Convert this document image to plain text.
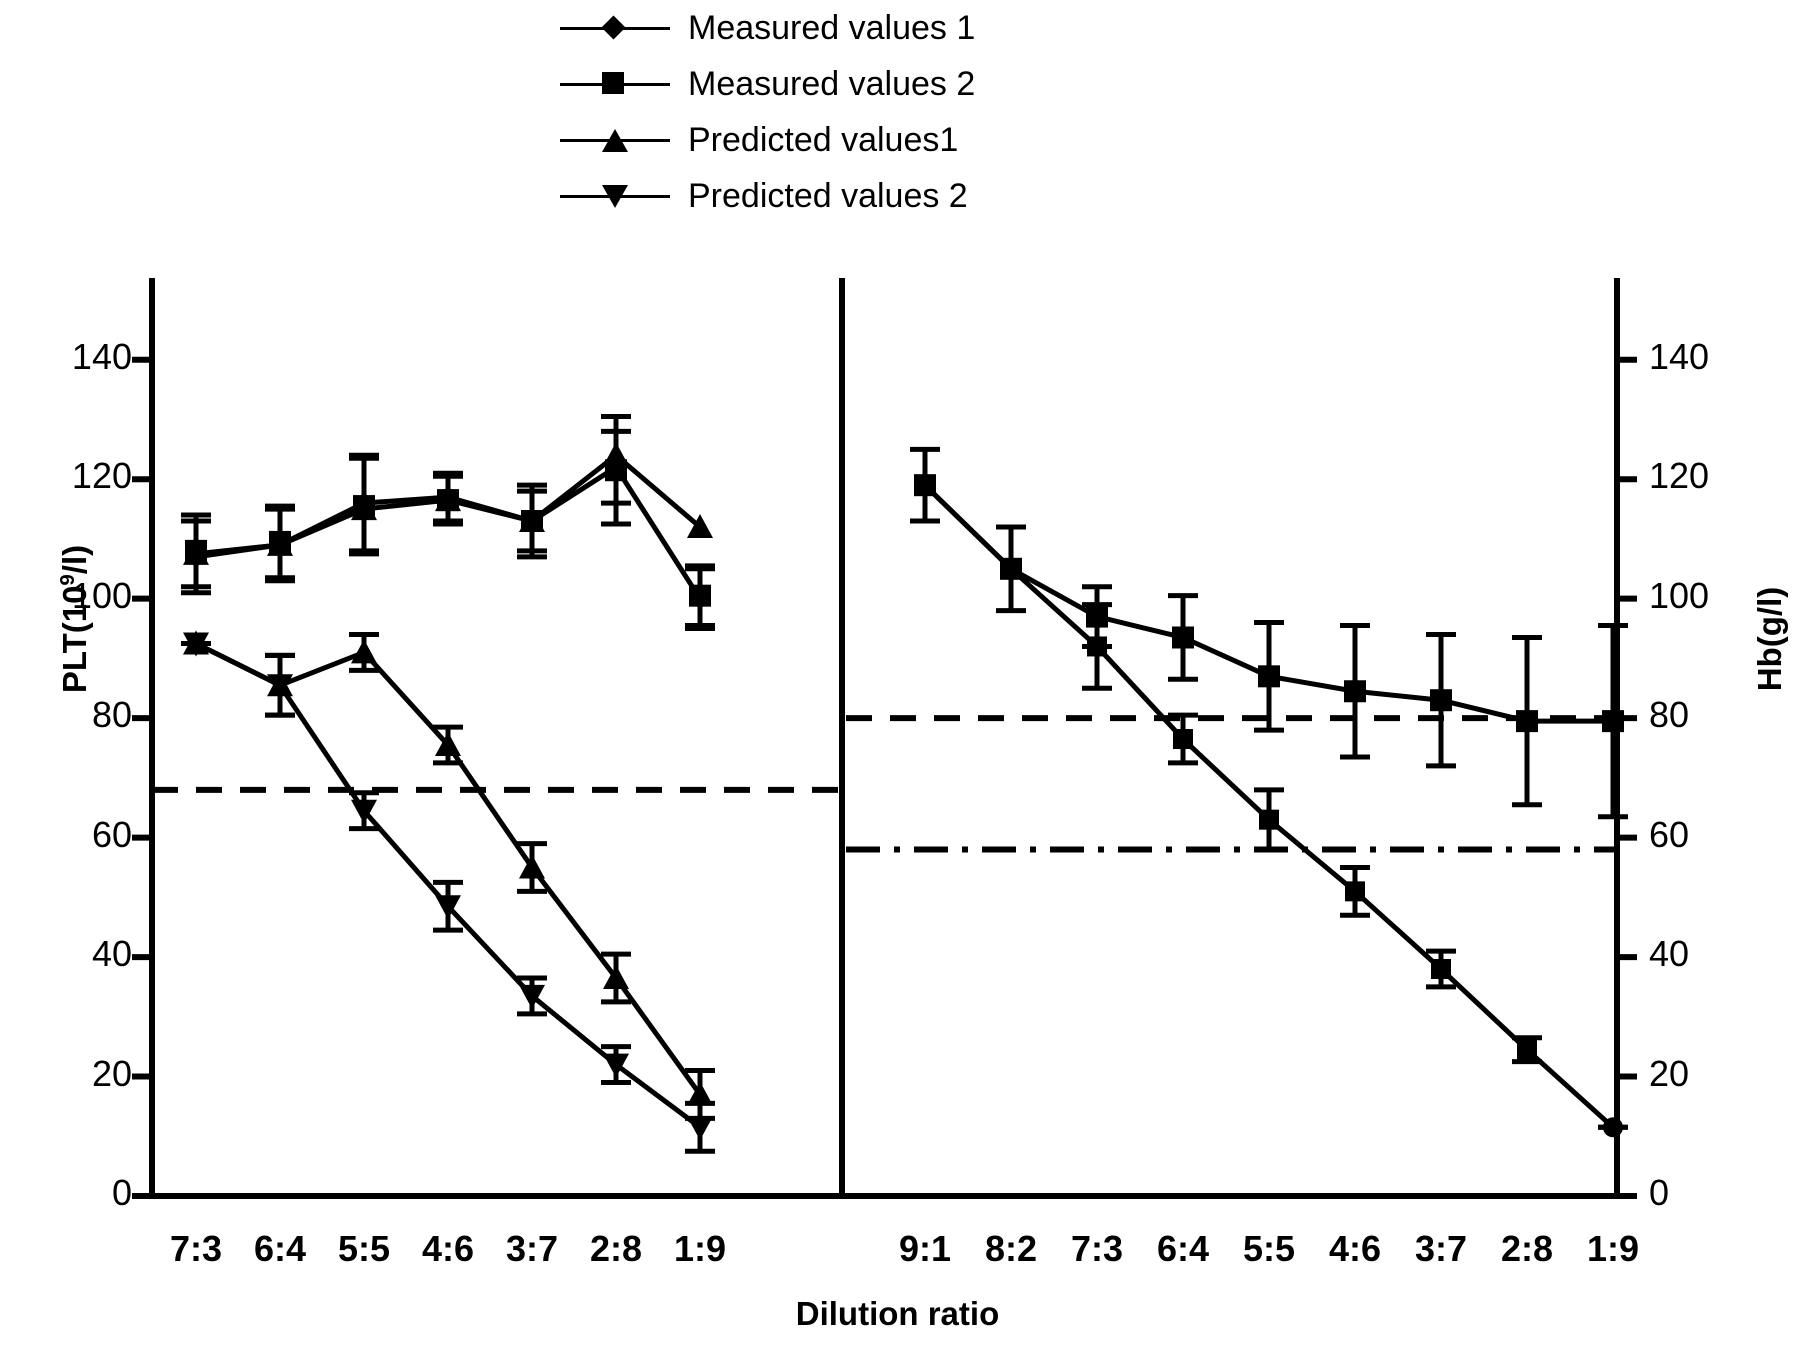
Measured values 1
Measured values 2
Predicted values1
Predicted values 2
$PLT(10^9/l)$
Hb(g/l)
Dilution ratio
0
20
40
60
80
100
120
140
0
20
40
60
80
100
120
140
7:3 6:4 5:5 4:6 3:7 2:8 1:9	9:1 8:2 7:3 6:4 5:5 4:6 3:7 2:8 1:9
